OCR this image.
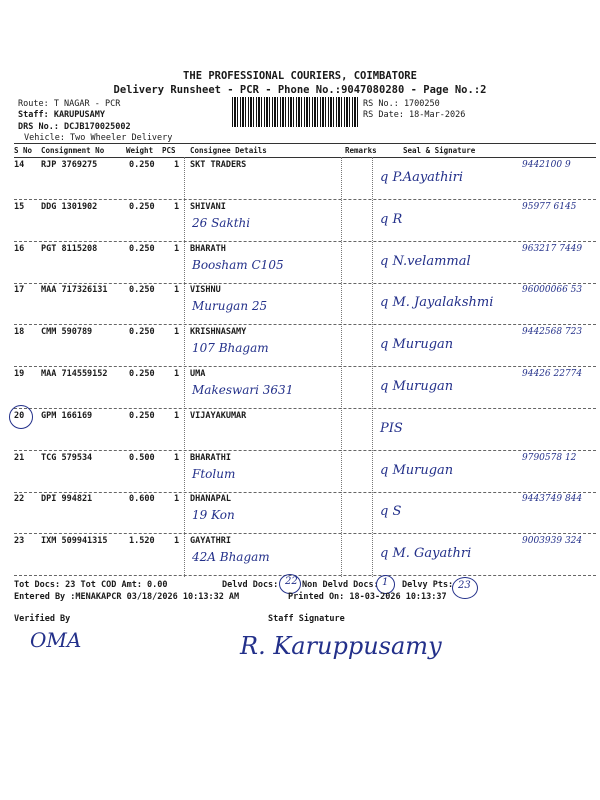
THE PROFESSIONAL COURIERS, COIMBATORE
Delivery Runsheet - PCR - Phone No.:9047080280 - Page No.:2
Route: T NAGAR - PCR
Staff: KARUPUSAMY
DRS No.: DCJB170025002
Vehicle: Two Wheeler Delivery
RS No.: 1700250
RS Date: 18-Mar-2026
S No Consignment No	Weight PCS Consignee Details	Remarks	Seal & Signature
14 RJP 3769275	0.250 1 SKT TRADERS
q P.Aayathiri
9442100 9
15 DDG 1301902	0.250 1 SHIVANI
26 Sakthi	q R
95977 6145
16 PGT 8115208	0.250 1 BHARATH
Boosham C105	q N.velammal
963217 7449
17 MAA 717326131	0.250 1 VISHNU
Murugan 25	q M. Jayalakshmi
96000066 53
18 CMM 590789	0.250 1 KRISHNASAMY
107 Bhagam	q Murugan
9442568 723
19 MAA 714559152	0.250 1 UMA
Makeswari 3631	q Murugan
94426 22774
20 GPM 166169	0.250 1 VIJAYAKUMAR
PIS
21 TCG 579534	0.500 1 BHARATHI
Ftolum	q Murugan
9790578 12
22 DPI 994821	0.600 1 DHANAPAL
19 Kon	q S
9443749 844
23 IXM 509941315	1.520 1 GAYATHRI
42A Bhagam	q M. Gayathri
9003939 324
Tot Docs: 23 Tot COD Amt: 0.00	Delvd Docs: 22 Non Delvd Docs: 1 Delvy Pts: 23
Entered By :MENAKAPCR 03/18/2026 10:13:32 AM	Printed On: 18-03-2026 10:13:37
Verified By
OMA
Staff Signature
R. Karuppusamy
